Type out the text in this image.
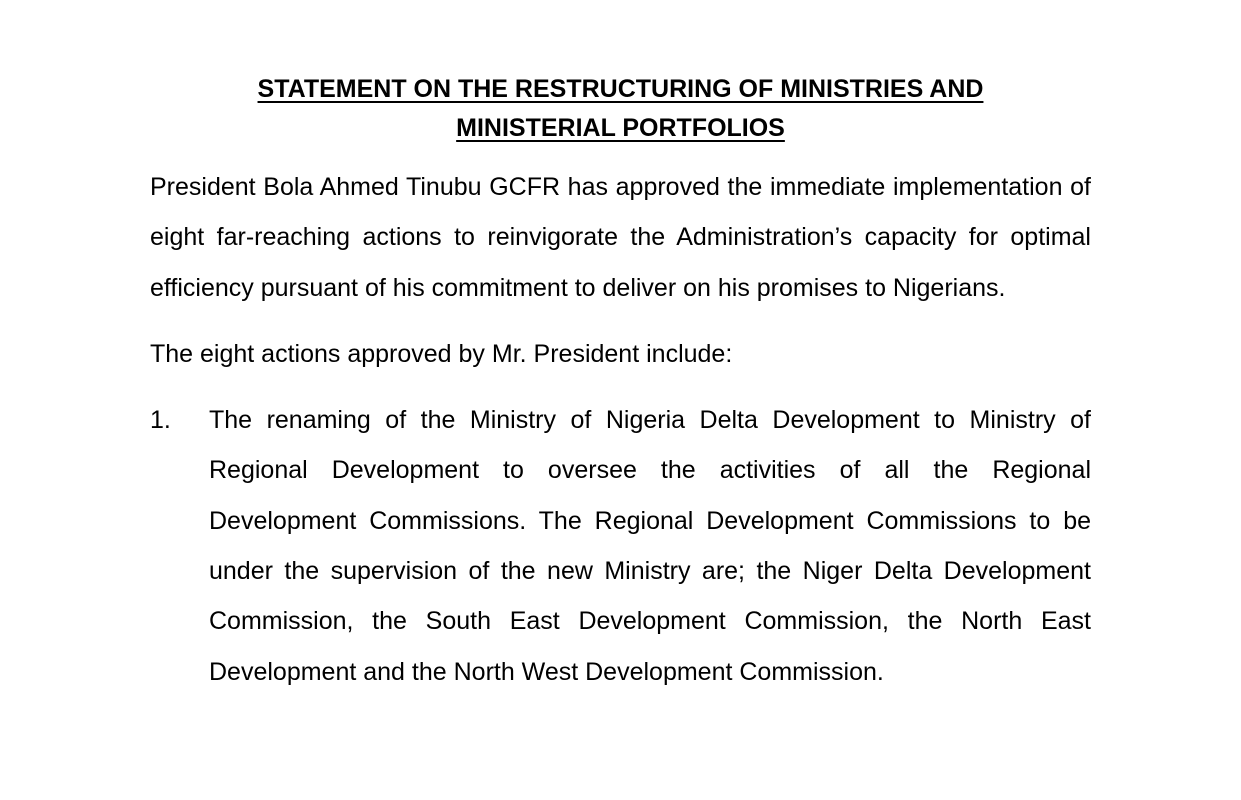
STATEMENT ON THE RESTRUCTURING OF MINISTRIES AND
MINISTERIAL PORTFOLIOS

President Bola Ahmed Tinubu GCFR has approved the immediate implementation of eight far-reaching actions to reinvigorate the Administration’s capacity for optimal efficiency pursuant of his commitment to deliver on his promises to Nigerians.

The eight actions approved by Mr. President include:

1.	The renaming of the Ministry of Nigeria Delta Development to Ministry of Regional Development to oversee the activities of all the Regional Development Commissions. The Regional Development Commissions to be under the supervision of the new Ministry are; the Niger Delta Development Commission, the South East Development Commission, the North East Development and the North West Development Commission.
